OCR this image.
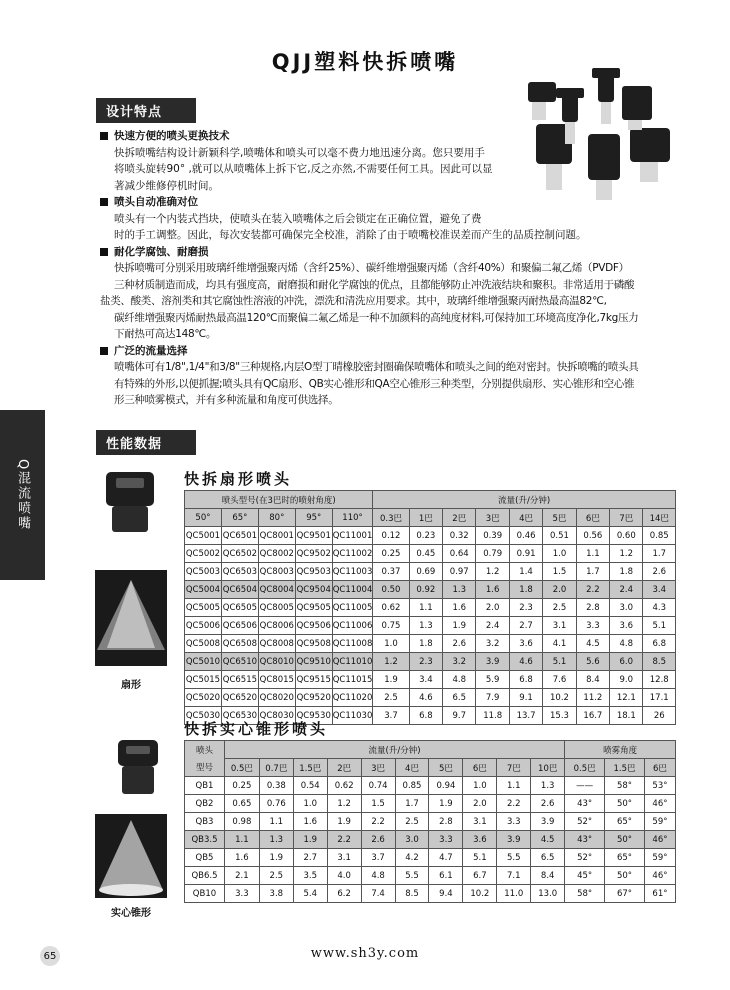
QJJ塑料快拆喷嘴
设计特点
快速方便的喷头更换技术
快拆喷嘴结构设计新颖科学,喷嘴体和喷头可以毫不费力地迅速分离。您只要用手
将喷头旋转90° ,就可以从喷嘴体上拆下它,反之亦然,不需要任何工具。因此可以显
著减少维修停机时间。
喷头自动准确对位
喷头有一个内装式挡块，使喷头在装入喷嘴体之后会锁定在正确位置，避免了费
时的手工调整。因此，每次安装都可确保完全校准，消除了由于喷嘴校准误差而产生的品质控制问题。
耐化学腐蚀、耐磨损
快拆喷嘴可分别采用玻璃纤维增强聚丙烯（含纤25%）、碳纤维增强聚丙烯（含纤40%）和聚偏二氟乙烯（PVDF）
三种材质制造而成，均具有强度高，耐磨损和耐化学腐蚀的优点，且都能够防止冲洗液结块和聚积。非常适用于磷酸
盐类、酸类、溶剂类和其它腐蚀性溶液的冲洗，漂洗和清洗应用要求。其中，玻璃纤维增强聚丙耐热最高温82℃,
碳纤维增强聚丙烯耐热最高温120℃而聚偏二氟乙烯是一种不加颜料的高纯度材料,可保持加工环境高度净化,7kg压力
下耐热可高达148℃。
广泛的流量选择
喷嘴体可有1/8",1/4"和3/8"三种规格,内层O型丁晴橡胶密封圈确保喷嘴体和喷头之间的绝对密封。快拆喷嘴的喷头具
有特殊的外形,以便抓握;喷头具有QC扇形、QB实心锥形和QA空心锥形三种类型，分别提供扇形、实心锥形和空心锥
形三种喷雾模式，并有多种流量和角度可供选择。
Q混流喷嘴
性能数据
快拆扇形喷头
扇形
喷头型号(在3巴时的喷射角度)					流量(升/分钟)								
50°	65°	80°	95°	110°	0.3巴	1巴	2巴	3巴	4巴	5巴	6巴	7巴	14巴
QC5001	QC6501	QC8001	QC9501	QC11001	0.12	0.23	0.32	0.39	0.46	0.51	0.56	0.60	0.85
QC5002	QC6502	QC8002	QC9502	QC11002	0.25	0.45	0.64	0.79	0.91	1.0	1.1	1.2	1.7
QC5003	QC6503	QC8003	QC9503	QC11003	0.37	0.69	0.97	1.2	1.4	1.5	1.7	1.8	2.6
QC5004	QC6504	QC8004	QC9504	QC11004	0.50	0.92	1.3	1.6	1.8	2.0	2.2	2.4	3.4
QC5005	QC6505	QC8005	QC9505	QC11005	0.62	1.1	1.6	2.0	2.3	2.5	2.8	3.0	4.3
QC5006	QC6506	QC8006	QC9506	QC11006	0.75	1.3	1.9	2.4	2.7	3.1	3.3	3.6	5.1
QC5008	QC6508	QC8008	QC9508	QC11008	1.0	1.8	2.6	3.2	3.6	4.1	4.5	4.8	6.8
QC5010	QC6510	QC8010	QC9510	QC11010	1.2	2.3	3.2	3.9	4.6	5.1	5.6	6.0	8.5
QC5015	QC6515	QC8015	QC9515	QC11015	1.9	3.4	4.8	5.9	6.8	7.6	8.4	9.0	12.8
QC5020	QC6520	QC8020	QC9520	QC11020	2.5	4.6	6.5	7.9	9.1	10.2	11.2	12.1	17.1
QC5030	QC6530	QC8030	QC9530	QC11030	3.7	6.8	9.7	11.8	13.7	15.3	16.7	18.1	26
快拆实心锥形喷头
实心锥形
喷头	流量(升/分钟)										喷雾角度		
型号	0.5巴	0.7巴	1.5巴	2巴	3巴	4巴	5巴	6巴	7巴	10巴	0.5巴	1.5巴	6巴
QB1	0.25	0.38	0.54	0.62	0.74	0.85	0.94	1.0	1.1	1.3	——	58°	53°
QB2	0.65	0.76	1.0	1.2	1.5	1.7	1.9	2.0	2.2	2.6	43°	50°	46°
QB3	0.98	1.1	1.6	1.9	2.2	2.5	2.8	3.1	3.3	3.9	52°	65°	59°
QB3.5	1.1	1.3	1.9	2.2	2.6	3.0	3.3	3.6	3.9	4.5	43°	50°	46°
QB5	1.6	1.9	2.7	3.1	3.7	4.2	4.7	5.1	5.5	6.5	52°	65°	59°
QB6.5	2.1	2.5	3.5	4.0	4.8	5.5	6.1	6.7	7.1	8.4	45°	50°	46°
QB10	3.3	3.8	5.4	6.2	7.4	8.5	9.4	10.2	11.0	13.0	58°	67°	61°
65	www.sh3y.com
